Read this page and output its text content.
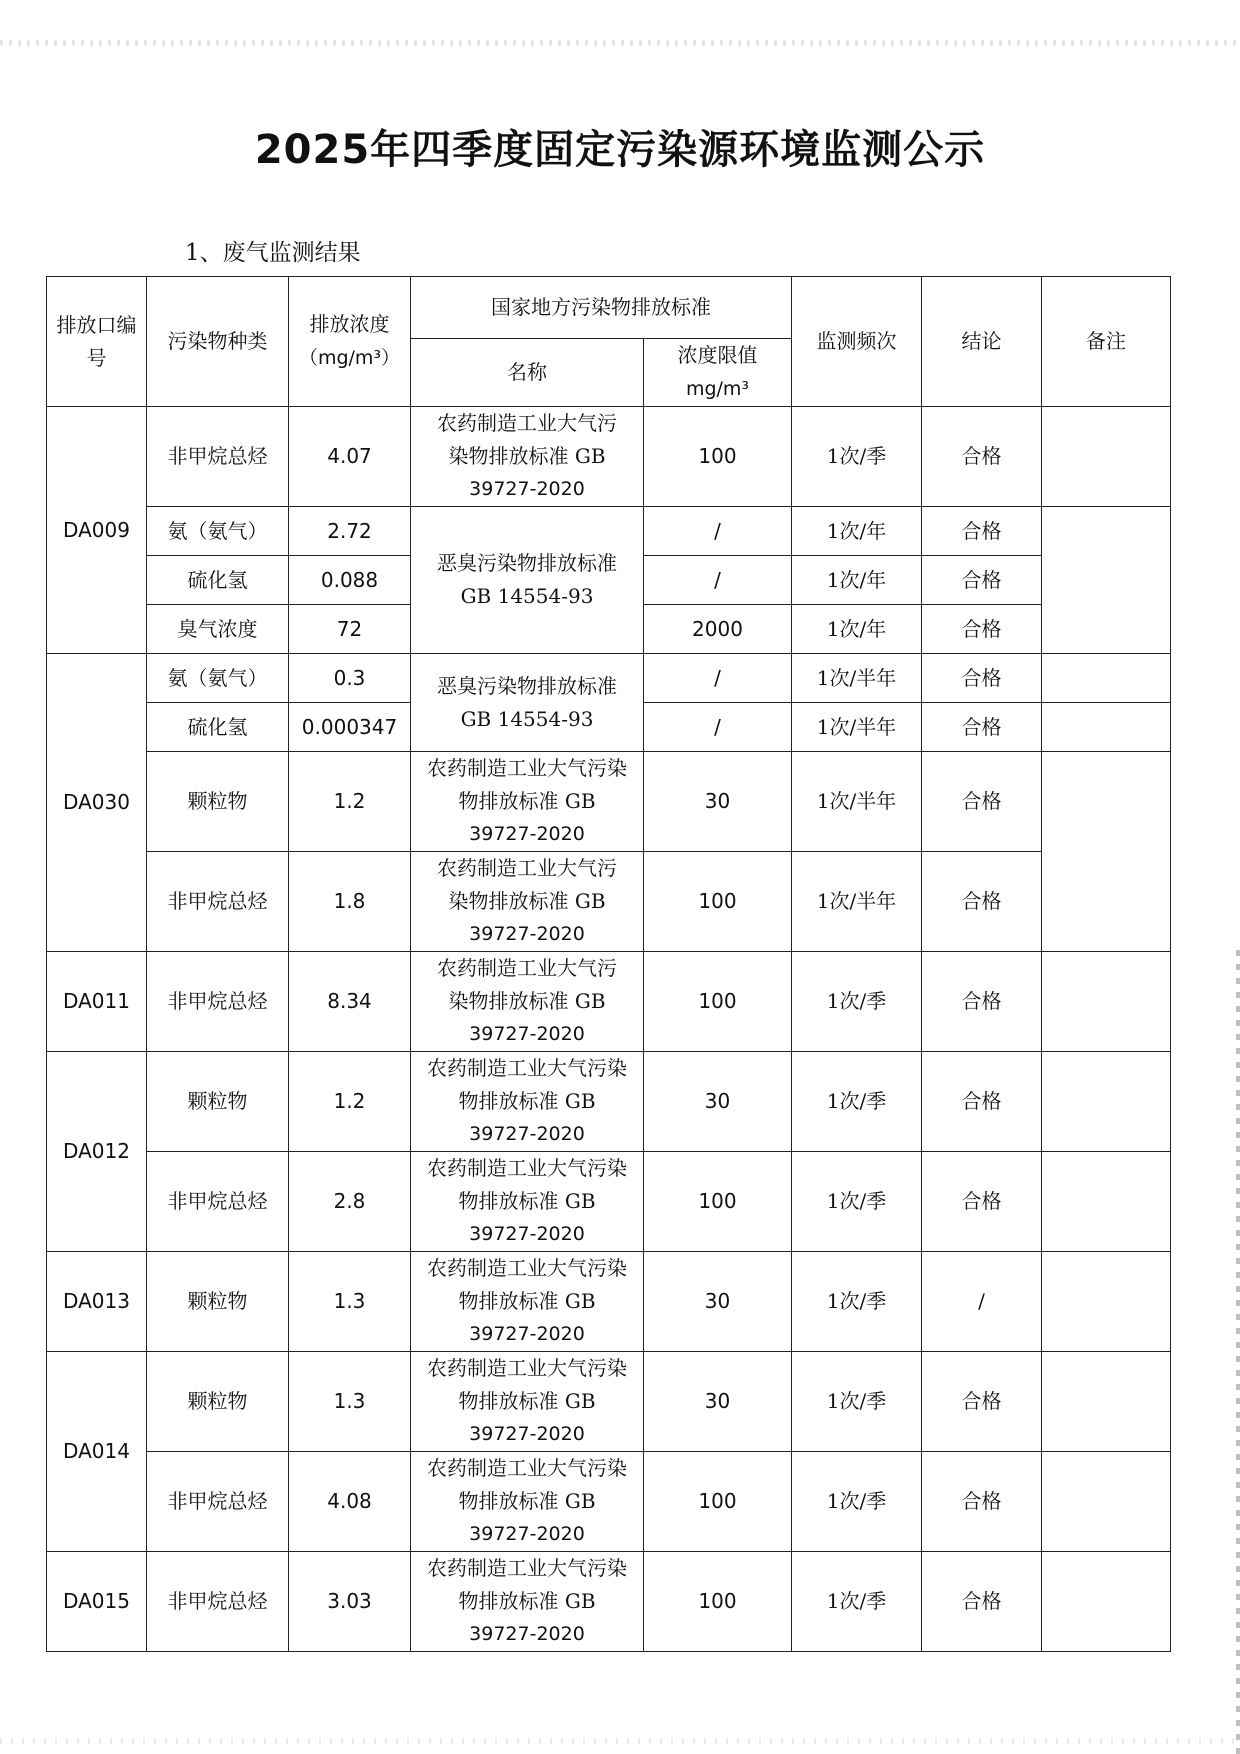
2025年四季度固定污染源环境监测公示
1、废气监测结果
排放口编号	污染物种类	排放浓度
（mg/m³）	国家地方污染物排放标准		监测频次	结论	备注
			名称	浓度限值
mg/m³			
DA009	非甲烷总烃	4.07	农药制造工业大气污
染物排放标准 GB
39727-2020	100	1次/季	合格	
	氨（氨气）	2.72	恶臭污染物排放标准
GB 14554-93	/	1次/年	合格	
	硫化氢	0.088		/	1次/年	合格	
	臭气浓度	72		2000	1次/年	合格	
DA030	氨（氨气）	0.3	恶臭污染物排放标准
GB 14554-93	/	1次/半年	合格	
	硫化氢	0.000347		/	1次/半年	合格	
	颗粒物	1.2	农药制造工业大气污染
物排放标准 GB
39727-2020	30	1次/半年	合格	
	非甲烷总烃	1.8	农药制造工业大气污
染物排放标准 GB
39727-2020	100	1次/半年	合格	
DA011	非甲烷总烃	8.34	农药制造工业大气污
染物排放标准 GB
39727-2020	100	1次/季	合格	
DA012	颗粒物	1.2	农药制造工业大气污染
物排放标准 GB
39727-2020	30	1次/季	合格	
	非甲烷总烃	2.8	农药制造工业大气污染
物排放标准 GB
39727-2020	100	1次/季	合格	
DA013	颗粒物	1.3	农药制造工业大气污染
物排放标准 GB
39727-2020	30	1次/季	/	
DA014	颗粒物	1.3	农药制造工业大气污染
物排放标准 GB
39727-2020	30	1次/季	合格	
	非甲烷总烃	4.08	农药制造工业大气污染
物排放标准 GB
39727-2020	100	1次/季	合格	
DA015	非甲烷总烃	3.03	农药制造工业大气污染
物排放标准 GB
39727-2020	100	1次/季	合格	
